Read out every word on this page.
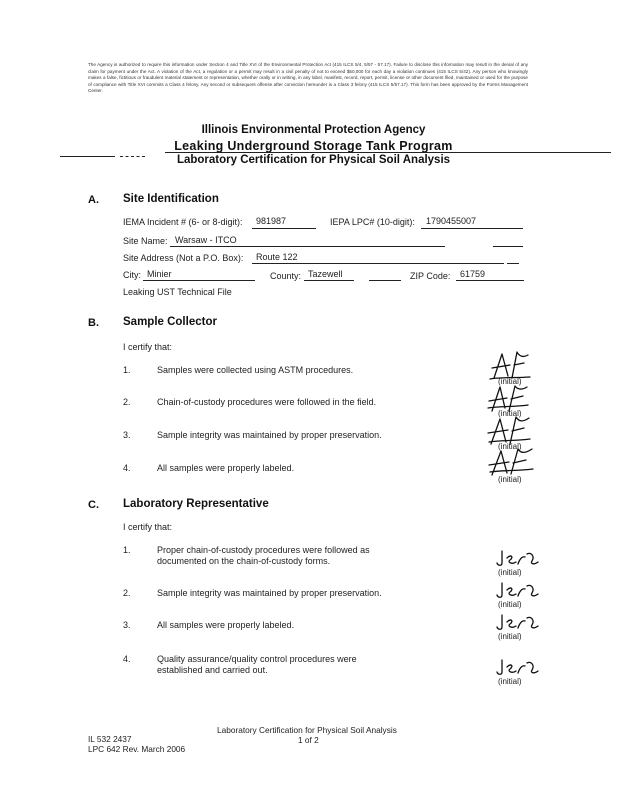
The Agency is authorized to require this information under Section 4 and Title XVI of the Environmental Protection Act (415 ILCS 5/4, 5/57 - 57.17). Failure to disclose this information may result in the denial of any claim for payment under the Act. A violation of the Act, a regulation or a permit may result in a civil penalty of not to exceed $50,000 for each day a violation continues (415 ILCS 5/42). Any person who knowingly makes a false, fictitious or fraudulent material statement or representation, whether orally or in writing, in any label, manifest, record, report, permit, license or other document filed, maintained or used for the purpose of compliance with Title XVI commits a Class 4 felony. Any second or subsequent offense after conviction hereunder is a Class 3 felony (415 ILCS 5/57.17). This form has been approved by the Forms Management Center.
Illinois Environmental Protection Agency
Leaking Underground Storage Tank Program
Laboratory Certification for Physical Soil Analysis
A. Site Identification
IEMA Incident # (6- or 8-digit): 981987	IEPA LPC# (10-digit): 1790455007
Site Name: Warsaw - ITCO
Site Address (Not a P.O. Box): Route 122
City: Minier	County: Tazewell	ZIP Code: 61759
Leaking UST Technical File
B. Sample Collector
I certify that:
1.	Samples were collected using ASTM procedures.
(initial)
2.	Chain-of-custody procedures were followed in the field.
(initial)
3.	Sample integrity was maintained by proper preservation.
(initial)
4.	All samples were properly labeled.
(initial)
C. Laboratory Representative
I certify that:
1.	Proper chain-of-custody procedures were followed as
documented on the chain-of-custody forms.
(initial)
2.	Sample integrity was maintained by proper preservation.
(initial)
3.	All samples were properly labeled.
(initial)
4.	Quality assurance/quality control procedures were
established and carried out.
(initial)
Laboratory Certification for Physical Soil Analysis
IL 532 2437	1 of 2
LPC 642 Rev. March 2006
